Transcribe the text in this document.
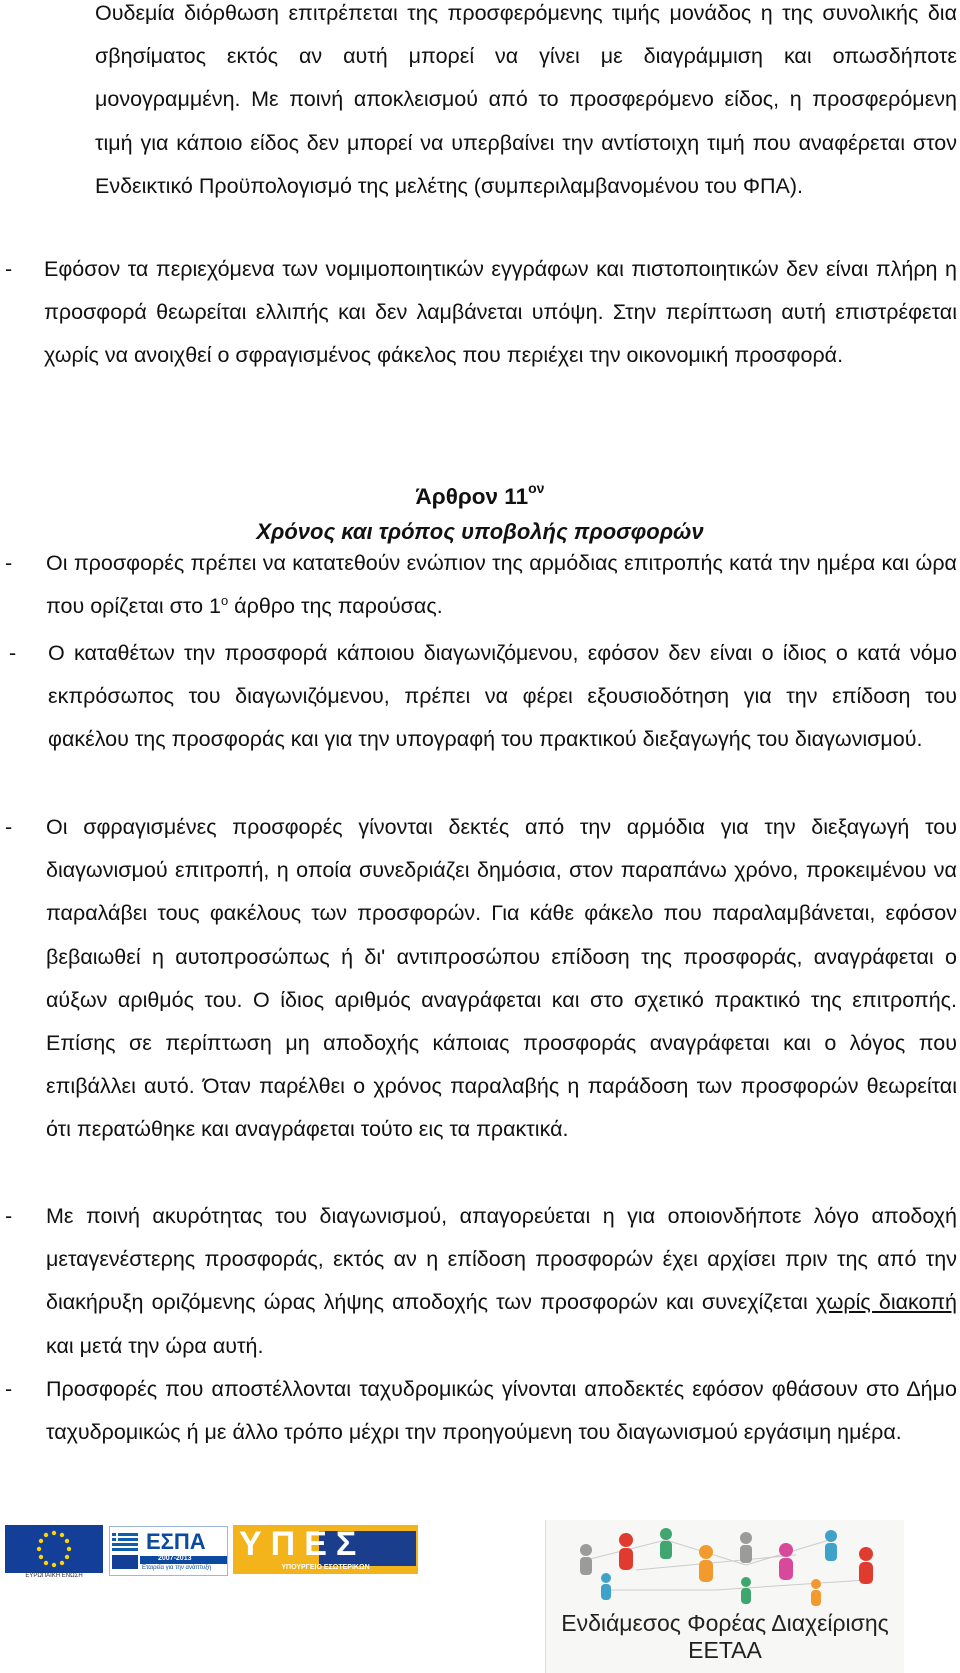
Ουδεμία διόρθωση επιτρέπεται της προσφερόμενης τιμής μονάδος η της συνολικής δια σβησίματος εκτός αν αυτή μπορεί να γίνει με διαγράμμιση και οπωσδήποτε μονογραμμένη. Με ποινή αποκλεισμού από το προσφερόμενο είδος, η προσφερόμενη τιμή για κάποιο είδος δεν μπορεί να υπερβαίνει την αντίστοιχη τιμή που αναφέρεται στον Ενδεικτικό Προϋπολογισμό της μελέτης (συμπεριλαμβανομένου του ΦΠΑ).

- Εφόσον τα περιεχόμενα των νομιμοποιητικών εγγράφων και πιστοποιητικών δεν είναι πλήρη η προσφορά θεωρείται ελλιπής και δεν λαμβάνεται υπόψη. Στην περίπτωση αυτή επιστρέφεται χωρίς να ανοιχθεί ο σφραγισμένος φάκελος που περιέχει την οικονομική προσφορά.

Άρθρον $11^{o\nu}$
Χρόνος και τρόπος υποβολής προσφορών
- Οι προσφορές πρέπει να κατατεθούν ενώπιον της αρμόδιας επιτροπής κατά την ημέρα και ώρα που ορίζεται στο $1^o$ άρθρο της παρούσας.

- Ο καταθέτων την προσφορά κάποιου διαγωνιζόμενου, εφόσον δεν είναι ο ίδιος ο κατά νόμο εκπρόσωπος του διαγωνιζόμενου, πρέπει να φέρει εξουσιοδότηση για την επίδοση του φακέλου της προσφοράς και για την υπογραφή του πρακτικού διεξαγωγής του διαγωνισμού.

- Οι σφραγισμένες προσφορές γίνονται δεκτές από την αρμόδια για την διεξαγωγή του διαγωνισμού επιτροπή, η οποία συνεδριάζει δημόσια, στον παραπάνω χρόνο, προκειμένου να παραλάβει τους φακέλους των προσφορών. Για κάθε φάκελο που παραλαμβάνεται, εφόσον βεβαιωθεί η αυτοπροσώπως ή δι' αντιπροσώπου επίδοση της προσφοράς, αναγράφεται ο αύξων αριθμός του. Ο ίδιος αριθμός αναγράφεται και στο σχετικό πρακτικό της επιτροπής. Επίσης σε περίπτωση μη αποδοχής κάποιας προσφοράς αναγράφεται και ο λόγος που επιβάλλει αυτό. Όταν παρέλθει ο χρόνος παραλαβής η παράδοση των προσφορών θεωρείται ότι περατώθηκε και αναγράφεται τούτο εις τα πρακτικά.

- Με ποινή ακυρότητας του διαγωνισμού, απαγορεύεται η για οποιονδήποτε λόγο αποδοχή μεταγενέστερης προσφοράς, εκτός αν η επίδοση προσφορών έχει αρχίσει πριν της από την διακήρυξη οριζόμενης ώρας λήψης αποδοχής των προσφορών και συνεχίζεται χωρίς διακοπή και μετά την ώρα αυτή.

- Προσφορές που αποστέλλονται ταχυδρομικώς γίνονται αποδεκτές εφόσον φθάσουν στο Δήμο ταχυδρομικώς ή με άλλο τρόπο μέχρι την προηγούμενη του διαγωνισμού εργάσιμη ημέρα.

ΕΥΡΩΠΑΪΚΗ ΕΝΩΣΗ
ΕΣΠΑ
2007-2013
Εταιρεία για την ανάπτυξη
ΥΠΕΣ
ΥΠΟΥΡΓΕΙΟ ΕΣΩΤΕΡΙΚΩΝ
Ενδιάμεσος Φορέας Διαχείρισης ΕΕΤΑΑ
